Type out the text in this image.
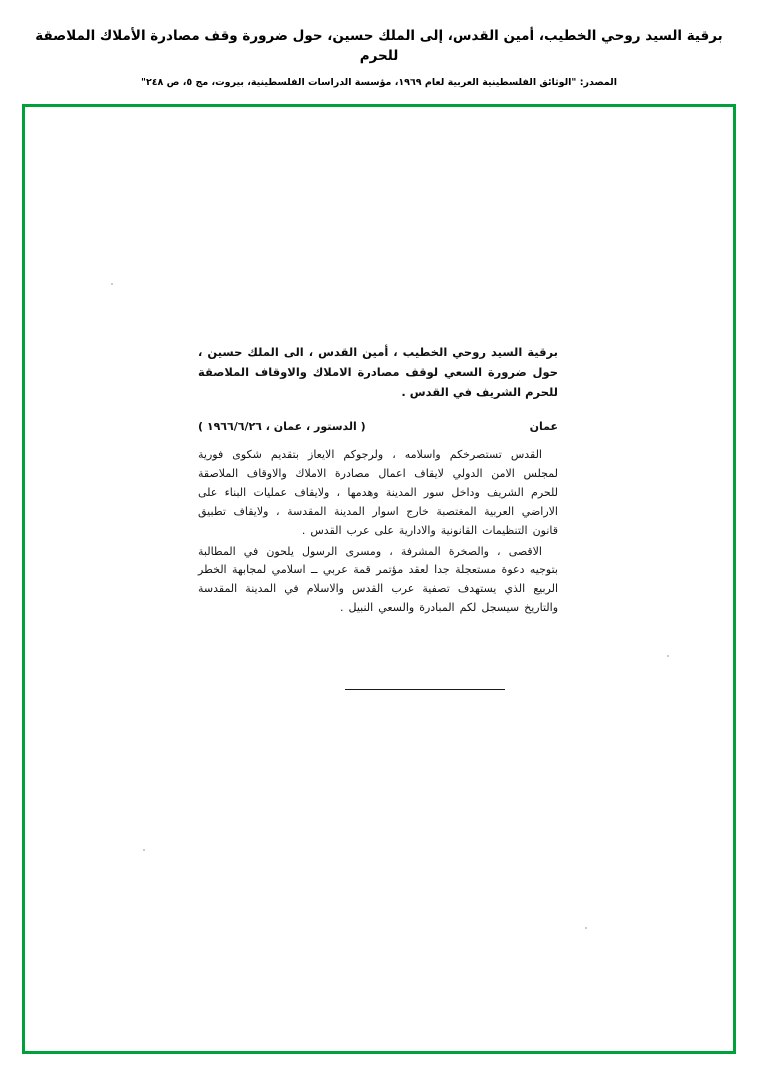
برقية السيد روحي الخطيب، أمين القدس، إلى الملك حسين، حول ضرورة وقف مصادرة الأملاك الملاصقة للحرم
المصدر: "الوثائق الفلسطينية العربية لعام ١٩٦٩، مؤسسة الدراسات الفلسطينية، بيروت، مج ٥، ص ٢٤٨"
برقية السيد روحي الخطيب ، أمين القدس ، الى الملك حسين ، حول ضرورة السعي لوقف مصادرة الاملاك والاوقاف الملاصقة للحرم الشريف في القدس .
عمان
( الدستور ، عمان ، ١٩٦٦/٦/٢٦ )
القدس تستصرخكم واسلامه ، ولرجوكم الايعاز بتقديم شكوى فورية لمجلس الامن الدولي لايقاف اعمال مصادرة الاملاك والاوقاف الملاصقة للحرم الشريف وداخل سور المدينة وهدمها ، ولايقاف عمليات البناء على الاراضي العربية المغتصبة خارج اسوار المدينة المقدسة ، ولايقاف تطبيق قانون التنظيمات القانونية والادارية على عرب القدس .
الاقصى ، والصخرة المشرفة ، ومسرى الرسول يلحون في المطالبة بتوجيه دعوة مستعجلة جدا لعقد مؤتمر قمة عربي ــ اسلامي لمجابهة الخطر الربيع الذي يستهدف تصفية عرب القدس والاسلام في المدينة المقدسة والتاريخ سيسجل لكم المبادرة والسعي النبيل .
